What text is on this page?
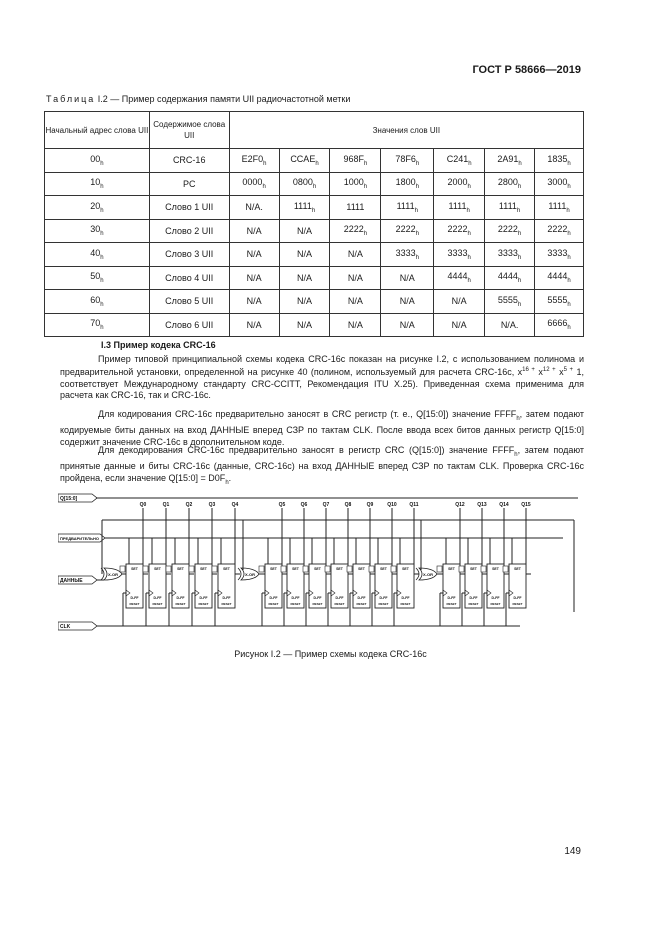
ГОСТ Р 58666—2019
Таблица I.2 — Пример содержания памяти UII радиочастотной метки
Начальный адрес слова UII	Содержимое слова UII	Значения слов UII						
$00_h$	CRC-16	$E2F0_h$	$CCAE_h$	$968F_h$	$78F6_h$	$C241_h$	$2A91_h$	$1835_h$
$10_h$	PC	$0000_h$	$0800_h$	$1000_h$	$1800_h$	$2000_h$	$2800_h$	$3000_h$
$20_h$	Слово 1 UII	N/A.	$1111_h$	1111	$1111_h$	$1111_h$	$1111_h$	$1111_h$
$30_h$	Слово 2 UII	N/A	N/A	$2222_h$	$2222_h$	$2222_h$	$2222_h$	$2222_h$
$40_h$	Слово 3 UII	N/A	N/A	N/A	$3333_h$	$3333_h$	$3333_h$	$3333_h$
$50_h$	Слово 4 UII	N/A	N/A	N/A	N/A	$4444_h$	$4444_h$	$4444_h$
$60_h$	Слово 5 UII	N/A	N/A	N/A	N/A	N/A	$5555_h$	$5555_h$
$70_h$	Слово 6 UII	N/A	N/A	N/A	N/A	N/A	N/A.	$6666_h$
I.3 Пример кодека CRC-16
Пример типовой принципиальной схемы кодека CRC-16c показан на рисунке I.2, с использованием полинома и предварительной установки, определенной на рисунке 40 (полином, используемый для расчета CRC-16c, $x^{16 +}$ $x^{12 +}$ $x^{5 +}$ 1, соответствует Международному стандарту CRC-CCITT, Рекомендация ITU X.25). Приведенная схема применима для расчета как CRC-16, так и CRC-16c.
Для кодирования CRC-16c предварительно заносят в CRC регистр (т. е., Q[15:0]) значение $FFFF_h$, затем подают кодируемые биты данных на вход ДАННЫЕ вперед СЗР по тактам CLK. После ввода всех битов данных регистр Q[15:0] содержит значение CRC-16c в дополнительном коде.
Для декодирования CRC-16c предварительно заносят в регистр CRC (Q[15:0]) значение $FFFF_h$, затем подают принятые данные и биты CRC-16c (данные, CRC-16c) на вход ДАННЫЕ вперед СЗР по тактам CLK. Проверка CRC-16c пройдена, если значение Q[15:0] = $D0F_h$.
Q[15:0]
ПРЕДВАРИТЕЛЬНО
ДАННЫЕ
CLK
X-OR	X-OR	X-OR
Q0
SET
RESET
D-FF
Q1
SET
RESET
D-FF
Q2
SET
RESET
D-FF
Q3
SET
RESET
D-FF
Q4
SET
RESET
D-FF
Q5
SET
RESET
D-FF
Q6
SET
RESET
D-FF
Q7
SET
RESET
D-FF
Q8
SET
RESET
D-FF
Q9
SET
RESET
D-FF
Q10
SET
RESET
D-FF
Q11
SET
RESET
D-FF
Q12
SET
RESET
D-FF
Q13
SET
RESET
D-FF
Q14
SET
RESET
D-FF
Q15
SET
RESET
D-FF
Рисунок I.2 — Пример схемы кодека CRC-16c
149
